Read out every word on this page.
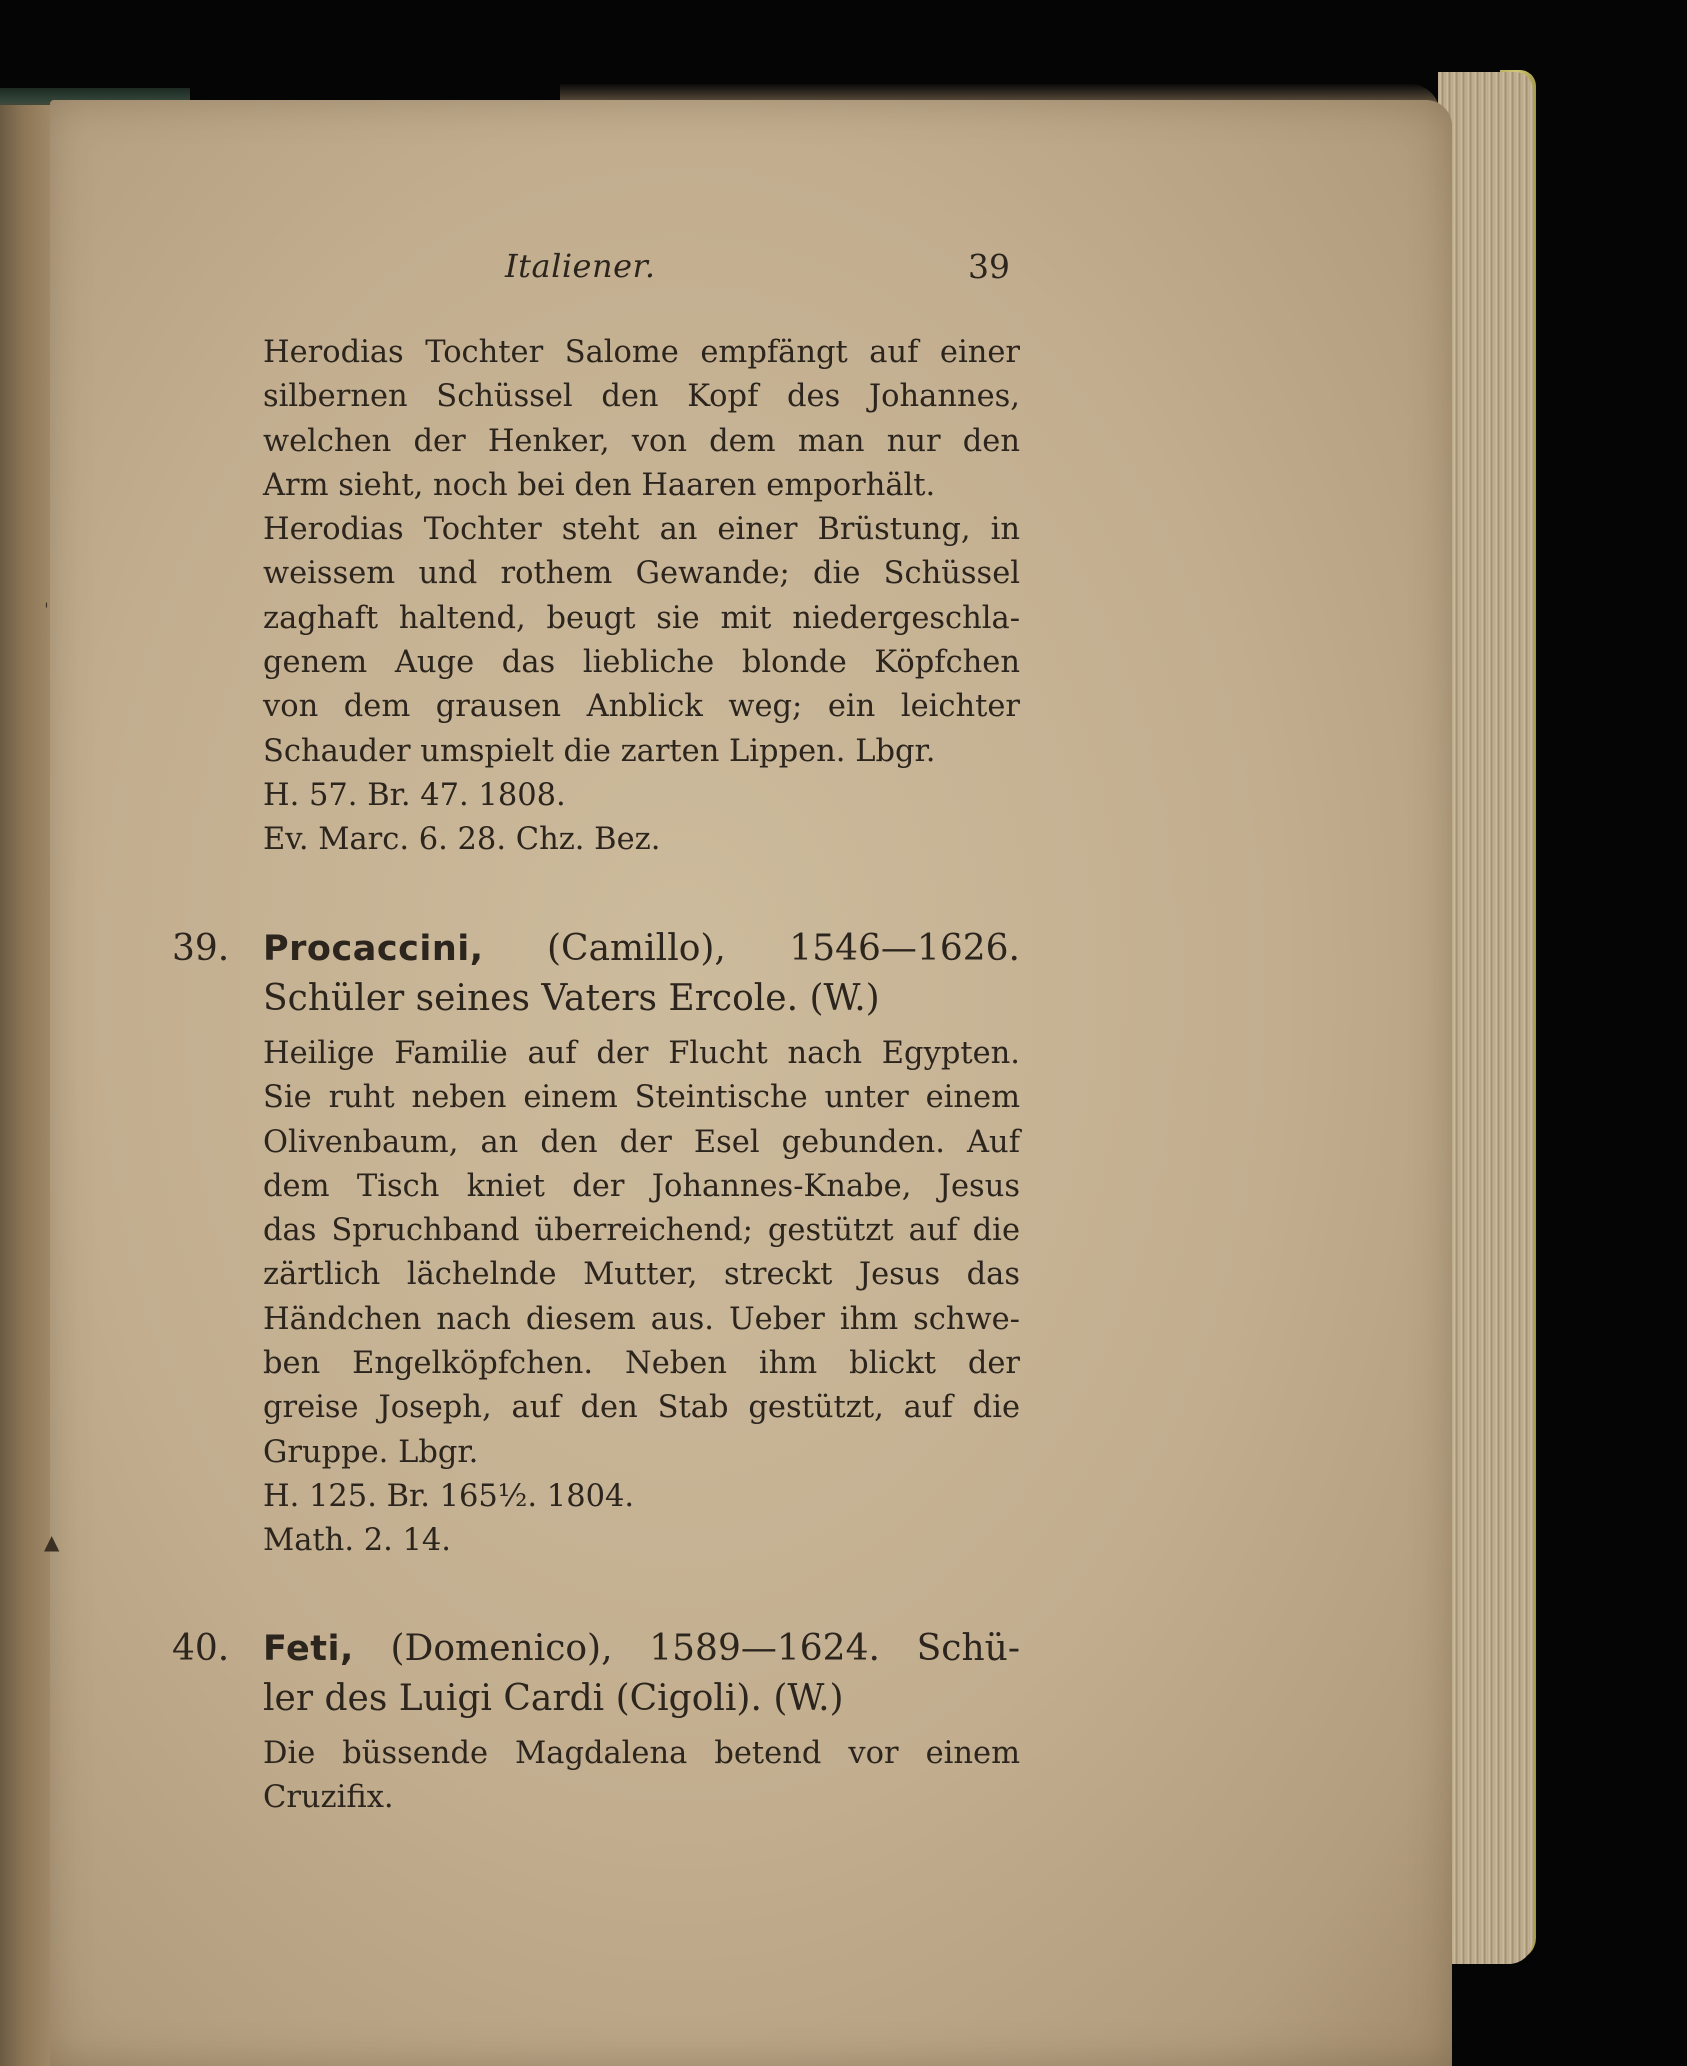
ˈ
▲
Italiener.	39
Herodias Tochter Salome empfängt auf einer
silbernen Schüssel den Kopf des Johannes,
welchen der Henker, von dem man nur den
Arm sieht, noch bei den Haaren emporhält.
Herodias Tochter steht an einer Brüstung, in
weissem und rothem Gewande; die Schüssel
zaghaft haltend, beugt sie mit niedergeschla-
genem Auge das liebliche blonde Köpfchen
von dem grausen Anblick weg; ein leichter
Schauder umspielt die zarten Lippen. Lbgr.
H. 57. Br. 47. 1808.
Ev. Marc. 6. 28. Chz. Bez.
39. Procaccini, (Camillo), 1546—1626.
Schüler seines Vaters Ercole. (W.)
Heilige Familie auf der Flucht nach Egypten.
Sie ruht neben einem Steintische unter einem
Olivenbaum, an den der Esel gebunden. Auf
dem Tisch kniet der Johannes-Knabe, Jesus
das Spruchband überreichend; gestützt auf die
zärtlich lächelnde Mutter, streckt Jesus das
Händchen nach diesem aus. Ueber ihm schwe-
ben Engelköpfchen. Neben ihm blickt der
greise Joseph, auf den Stab gestützt, auf die
Gruppe. Lbgr.
H. 125. Br. 165½. 1804.
Math. 2. 14.
40. Feti, (Domenico), 1589—1624. Schü-
ler des Luigi Cardi (Cigoli). (W.)
Die büssende Magdalena betend vor einem
Cruzifix.
